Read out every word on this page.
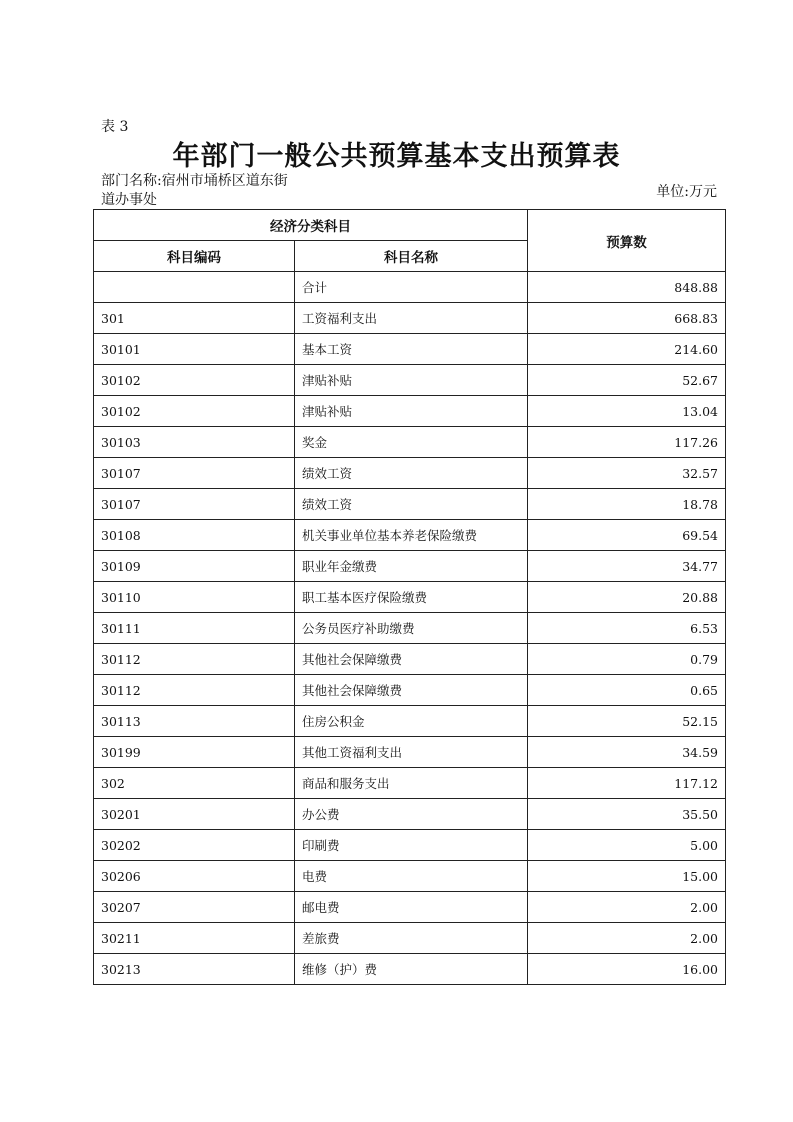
表 3
年部门一般公共预算基本支出预算表
部门名称:宿州市埇桥区道东街道办事处	单位:万元
经济分类科目		预算数
科目编码	科目名称	
	合计	848.88
301	工资福利支出	668.83
30101	基本工资	214.60
30102	津贴补贴	52.67
30102	津贴补贴	13.04
30103	奖金	117.26
30107	绩效工资	32.57
30107	绩效工资	18.78
30108	机关事业单位基本养老保险缴费	69.54
30109	职业年金缴费	34.77
30110	职工基本医疗保险缴费	20.88
30111	公务员医疗补助缴费	6.53
30112	其他社会保障缴费	0.79
30112	其他社会保障缴费	0.65
30113	住房公积金	52.15
30199	其他工资福利支出	34.59
302	商品和服务支出	117.12
30201	办公费	35.50
30202	印刷费	5.00
30206	电费	15.00
30207	邮电费	2.00
30211	差旅费	2.00
30213	维修（护）费	16.00
